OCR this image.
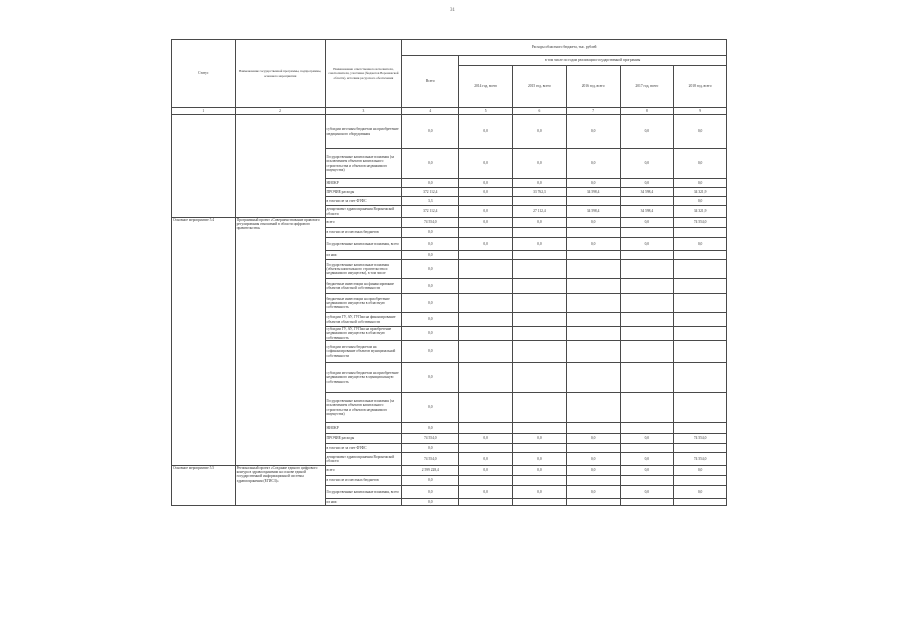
31
Статус	Наименование государственной программы, подпрограммы, основного мероприятия	Наименование ответственного исполнителя, соисполнителя, участника (бюджетов Воронежской области), источник ресурсного обеспечения	Расходы областного бюджета, тыс. рублей					
			Всего	в том числе по годам реализации государственной программы				
				2014 год, всего	2015 год, всего	2016 год, всего	2017 год, всего	2018 год, всего
1	2	3	4	5	6	7	8	9
		субсидии местным бюджетам на приобретение медицинского оборудования	0,0	0,0	0,0	0,0	0,0	0,0
		Государственные капитальные вложения (за исключением объектов капитального строительства и объектов недвижимого имущества)	0,0	0,0	0,0	0,0	0,0	0,0
		НИОКР	0,0	0,0	0,0	0,0	0,0	0,0
		ПРОЧИЕ расходы	372 112,4	0,0	33 762,3	34 598,4	34 598,4	34 321,9
		в том числе за счет ФТФС	3,3					0,0
		департамент здравоохранения Воронежской области	372 112,4	0,0	27 112,4	34 598,4	34 598,4	34 321,9
Основное мероприятие 5.4	Программный проект «Совершенствование правового регулирования отношений в области цифрового правительства»	всего	74 554,0	0,0	0,0	0,0	0,0	74 554,0
		в том числе из местных бюджетов	0,0					
		Государственные капитальные вложения, всего	0,0	0,0	0,0	0,0	0,0	0,0
		из них:	0,0					
		Государственные капитальные вложения (объекты капитального строительства и недвижимого имущества), в том числе	0,0					
		бюджетные инвестиции на финансирование объектов областной собственности	0,0					
		бюджетные инвестиции на приобретение недвижимого имущества в областную собственность	0,0					
		субсидии ГУ, АУ, ГУПам на финансирование объектов областной собственности	0,0					
		субсидии ГУ, АУ, ГУПам на приобретение недвижимого имущества в областную собственность	0,0					
		субсидии местным бюджетам на софинансирование объектов муниципальной собственности	0,0					
		субсидии местным бюджетам на приобретение недвижимого имущества в муниципальную собственность	0,0					
		Государственные капитальные вложения (за исключением объектов капитального строительства и объектов недвижимого имущества)	0,0					
		НИОКР	0,0					
		ПРОЧИЕ расходы	74 554,0	0,0	0,0	0,0	0,0	74 554,0
		в том числе за счет ФТФС	0,0					
		департамент здравоохранения Воронежской области	74 554,0	0,0	0,0	0,0	0,0	74 554,0
Основное мероприятие 5.5	Региональный проект «Создание единого цифрового контура в здравоохранении на основе единой государственной информационной системы здравоохранения (ЕГИСЗ)»	всего	2 599 228,4	0,0	0,0	0,0	0,0	0,0
		в том числе из местных бюджетов	0,0					
		Государственные капитальные вложения, всего	0,0	0,0	0,0	0,0	0,0	0,0
		из них:	0,0					
